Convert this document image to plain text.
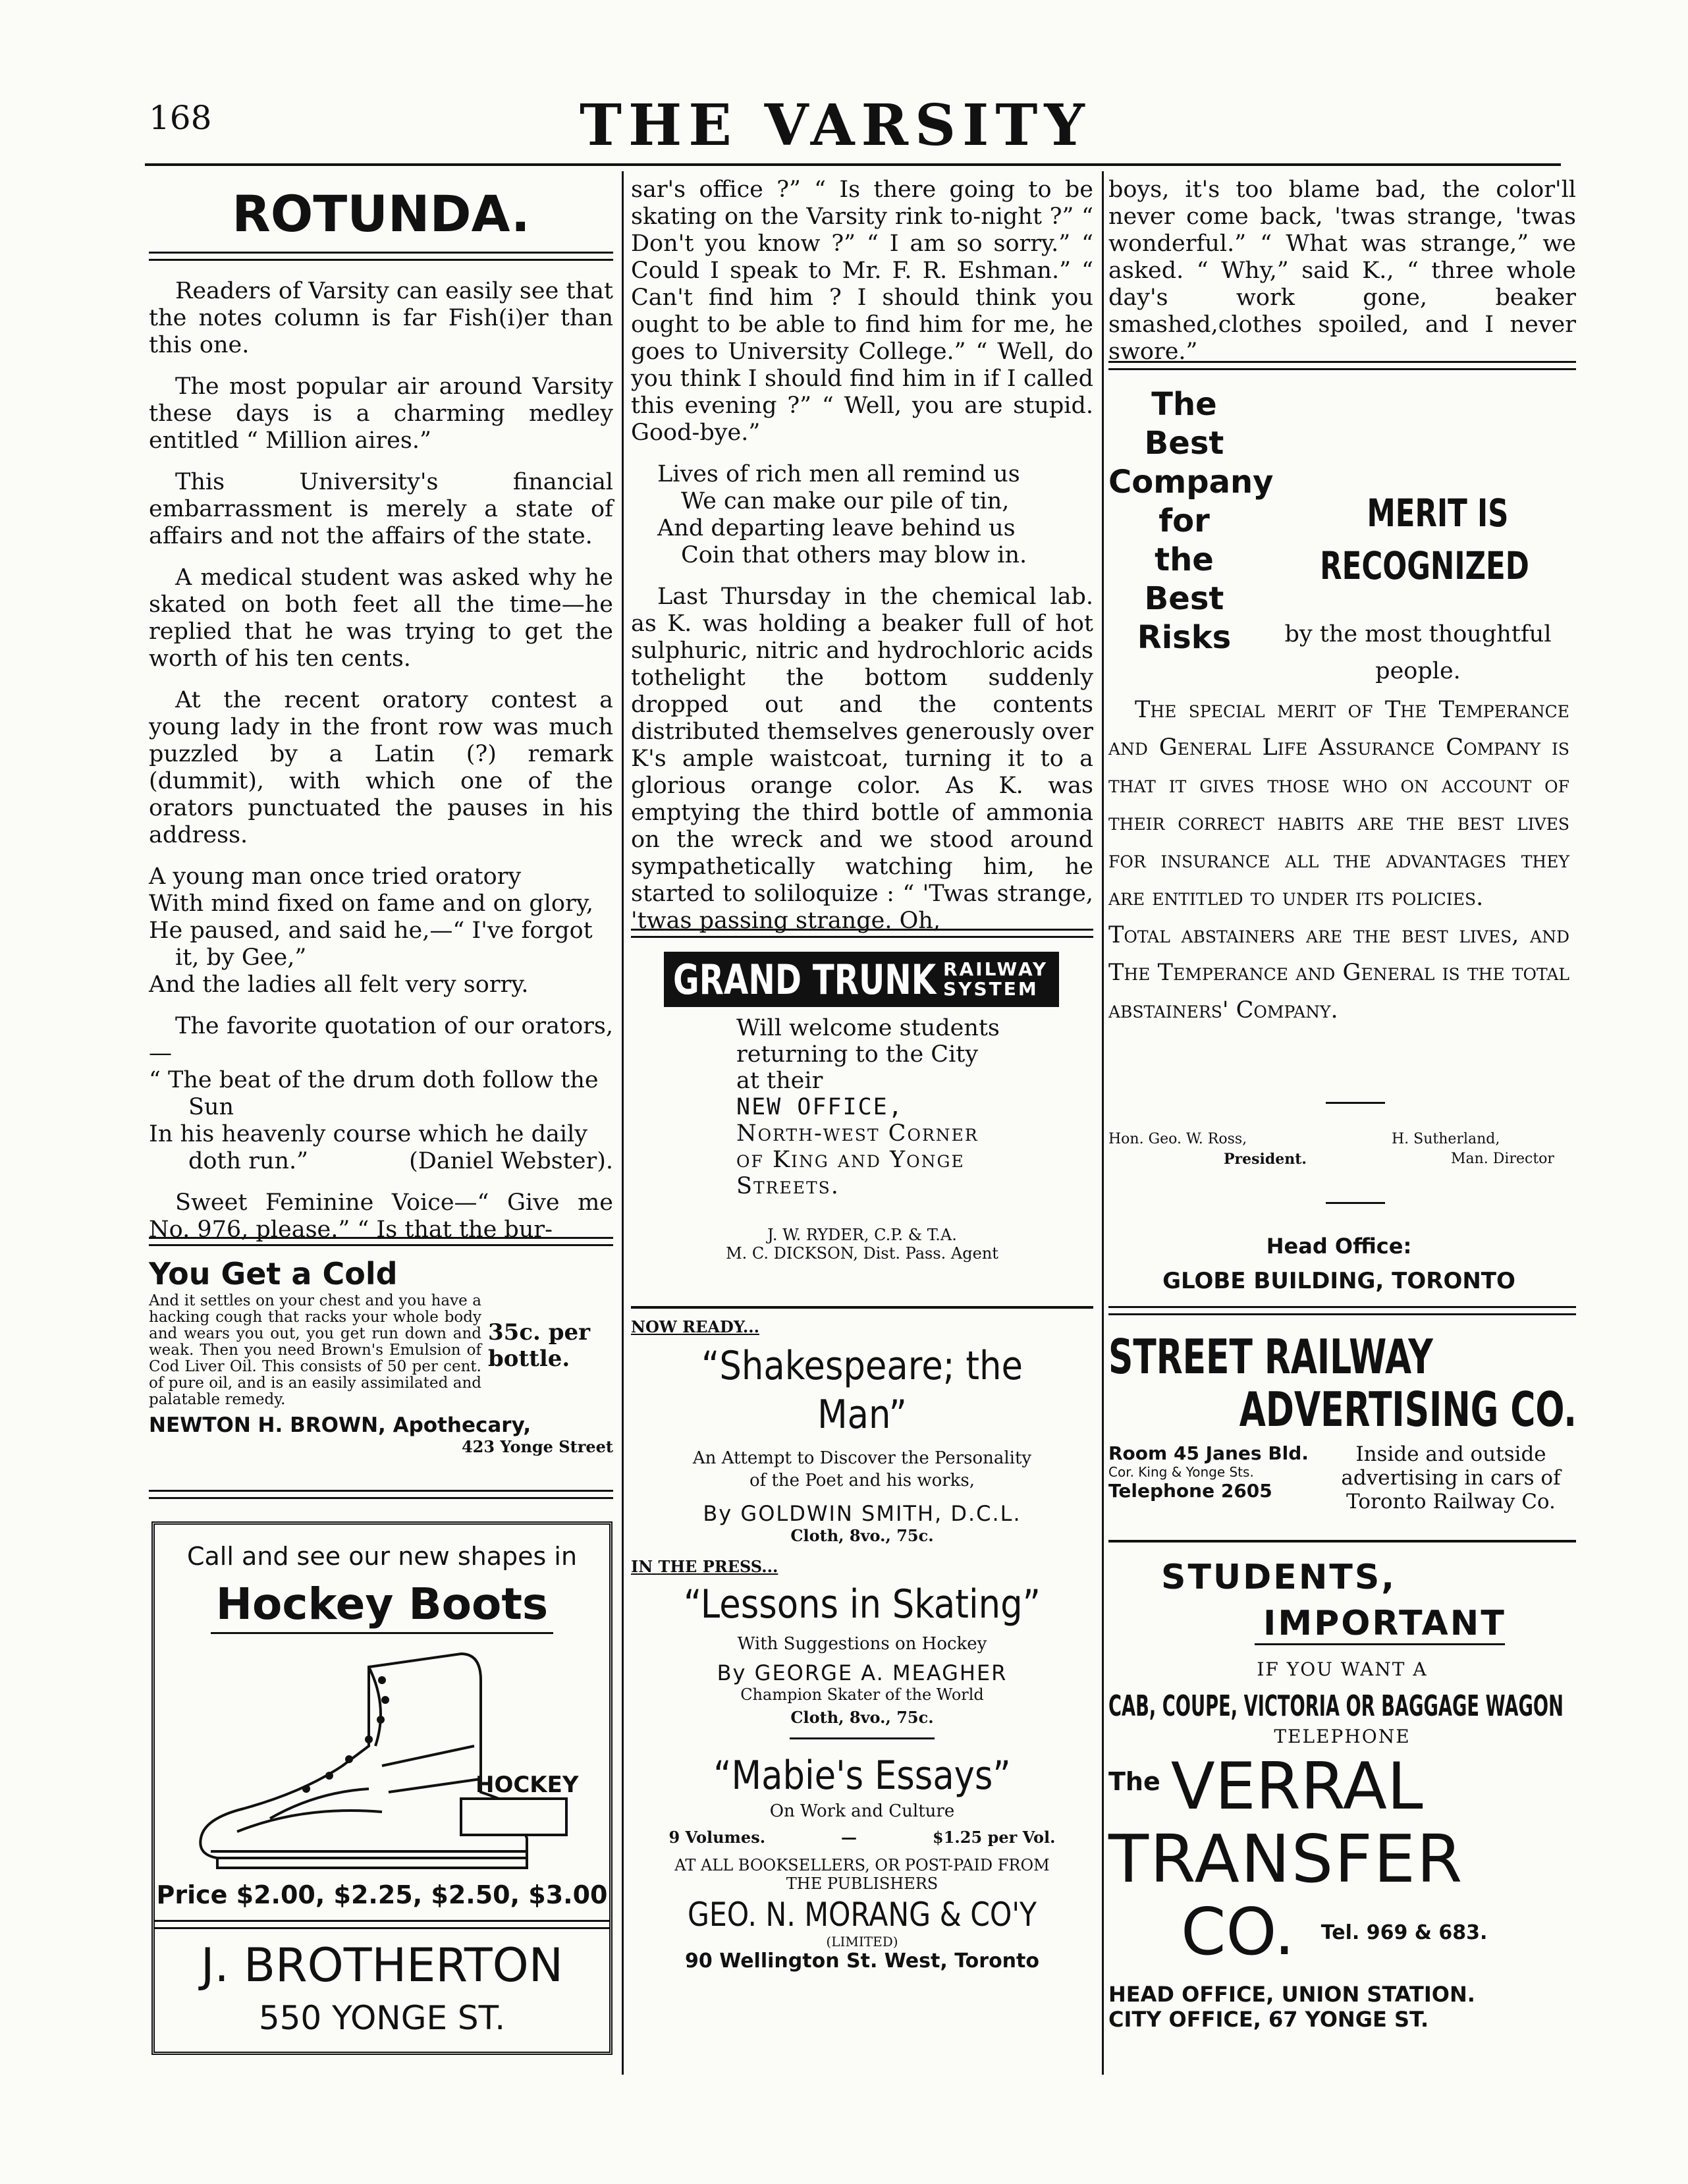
168	THE VARSITY
ROTUNDA.

Readers of Varsity can easily see that the notes column is far Fish(i)er than this one.

The most popular air around Varsity these days is a charming medley entitled “ Million aires.”

This University's financial embarrassment is merely a state of affairs and not the affairs of the state.

A medical student was asked why he skated on both feet all the time—he replied that he was trying to get the worth of his ten cents.

At the recent oratory contest a young lady in the front row was much puzzled by a Latin (?) remark (dummit), with which one of the orators punctuated the pauses in his address.

A young man once tried oratory

With mind fixed on fame and on glory,

He paused, and said he,—“ I've forgot

it, by Gee,”

And the ladies all felt very sorry.

The favorite quotation of our orators,—

“ The beat of the drum doth follow the

Sun

In his heavenly course which he daily

doth run.”	(Daniel Webster).

Sweet Feminine Voice—“ Give me No. 976, please.” “ Is that the bur-

You Get a Cold
And it settles on your chest and you have a hacking cough that racks your whole body and wears you out, you get run down and weak. Then you need Brown's Emulsion of Cod Liver Oil. This consists of 50 per cent. of pure oil, and is an easily assimilated and palatable remedy.
35c. per bottle.
NEWTON H. BROWN, Apothecary,
423 Yonge Street
Call and see our new shapes in
Hockey Boots
HOCKEY
Price $2.00, $2.25, $2.50, $3.00
J. BROTHERTON
550 YONGE ST.

sar's office ?” “ Is there going to be skating on the Varsity rink to-night ?” “ Don't you know ?” “ I am so sorry.” “ Could I speak to Mr. F. R. Eshman.” “ Can't find him ? I should think you ought to be able to find him for me, he goes to University College.” “ Well, do you think I should find him in if I called this evening ?” “ Well, you are stupid. Good-bye.”

Lives of rich men all remind us

We can make our pile of tin,

And departing leave behind us

Coin that others may blow in.

Last Thursday in the chemical lab. as K. was holding a beaker full of hot sulphuric, nitric and hydrochloric acids tothelight the bottom suddenly dropped out and the contents distributed themselves generously over K's ample waistcoat, turning it to a glorious orange color. As K. was emptying the third bottle of ammonia on the wreck and we stood around sympathetically watching him, he started to soliloquize : “ 'Twas strange, 'twas passing strange. Oh,

GRAND TRUNK RAILWAY
SYSTEM
Will welcome students
returning to the City
at their
NEW OFFICE,
North-west Corner
of King and Yonge
Streets.
J. W. RYDER, C.P. & T.A.
M. C. DICKSON, Dist. Pass. Agent
NOW READY...
“Shakespeare; the Man”
An Attempt to Discover the Personality
of the Poet and his works,
By GOLDWIN SMITH, D.C.L.
Cloth, 8vo., 75c.
IN THE PRESS...
“Lessons in Skating”
With Suggestions on Hockey
By GEORGE A. MEAGHER
Champion Skater of the World
Cloth, 8vo., 75c.
“Mabie's Essays”
On Work and Culture
9 Volumes.	—	$1.25 per Vol.
AT ALL BOOKSELLERS, OR POST-PAID FROM
THE PUBLISHERS
GEO. N. MORANG & CO'Y
(LIMITED)
90 Wellington St. West, Toronto

boys, it's too blame bad, the color'll never come back, 'twas strange, 'twas wonderful.” “ What was strange,” we asked. “ Why,” said K., “ three whole day's work gone, beaker smashed,clothes spoiled, and I never swore.”

The
Best
Company
for
the
Best
Risks
MERIT IS
RECOGNIZED
by the most thoughtful people.

The special merit of The Temperance and General Life Assurance Company is that it gives those who on account of their correct habits are the best lives for insurance all the advantages they are entitled to under its policies.

Total abstainers are the best lives, and The Temperance and General is the total abstainers' Company.

Hon. Geo. W. Ross,
President.
H. Sutherland,
Man. Director
Head Office:
GLOBE BUILDING, TORONTO
STREET RAILWAY
ADVERTISING CO.
Room 45 Janes Bld.
Cor. King & Yonge Sts.
Telephone 2605
Inside and outside advertising in cars of Toronto Railway Co.
STUDENTS,
IMPORTANT
IF YOU WANT A
CAB, COUPE, VICTORIA OR BAGGAGE WAGON
TELEPHONE
The VERRAL
TRANSFER
CO. Tel. 969 & 683.
HEAD OFFICE, UNION STATION.
CITY OFFICE, 67 YONGE ST.
